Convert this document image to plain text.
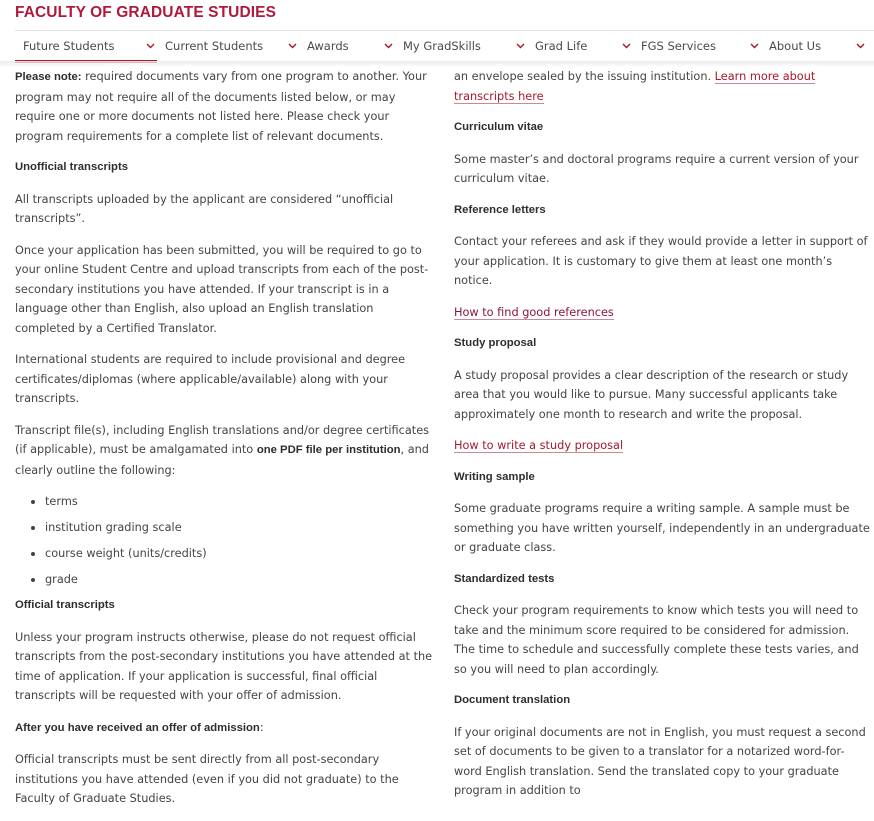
FACULTY OF GRADUATE STUDIES
Future Students	Current Students	Awards	My GradSkills	Grad Life	FGS Services	About Us

Please note: required documents vary from one program to another. Your program may not require all of the documents listed below, or may require one or more documents not listed here. Please check your program requirements for a complete list of relevant documents.

Unofficial transcripts

All transcripts uploaded by the applicant are considered “unofficial transcripts”.

Once your application has been submitted, you will be required to go to your online Student Centre and upload transcripts from each of the post-secondary institutions you have attended. If your transcript is in a language other than English, also upload an English translation completed by a Certified Translator.

International students are required to include provisional and degree certificates/diplomas (where applicable/available) along with your transcripts.

Transcript file(s), including English translations and/or degree certificates (if applicable), must be amalgamated into one PDF file per institution, and clearly outline the following:

terms
institution grading scale
course weight (units/credits)
grade
Official transcripts

Unless your program instructs otherwise, please do not request official transcripts from the post-secondary institutions you have attended at the time of application. If your application is successful, final official transcripts will be requested with your offer of admission.

After you have received an offer of admission:

Official transcripts must be sent directly from all post-secondary institutions you have attended (even if you did not graduate) to the Faculty of Graduate Studies.

an envelope sealed by the issuing institution. Learn more about transcripts here

Curriculum vitae

Some master’s and doctoral programs require a current version of your curriculum vitae.

Reference letters

Contact your referees and ask if they would provide a letter in support of your application. It is customary to give them at least one month’s notice.

How to find good references

Study proposal

A study proposal provides a clear description of the research or study area that you would like to pursue. Many successful applicants take approximately one month to research and write the proposal.

How to write a study proposal

Writing sample

Some graduate programs require a writing sample. A sample must be something you have written yourself, independently in an undergraduate or graduate class.

Standardized tests

Check your program requirements to know which tests you will need to take and the minimum score required to be considered for admission. The time to schedule and successfully complete these tests varies, and so you will need to plan accordingly.

Document translation

If your original documents are not in English, you must request a second set of documents to be given to a translator for a notarized word-for-word English translation. Send the translated copy to your graduate program in addition to
